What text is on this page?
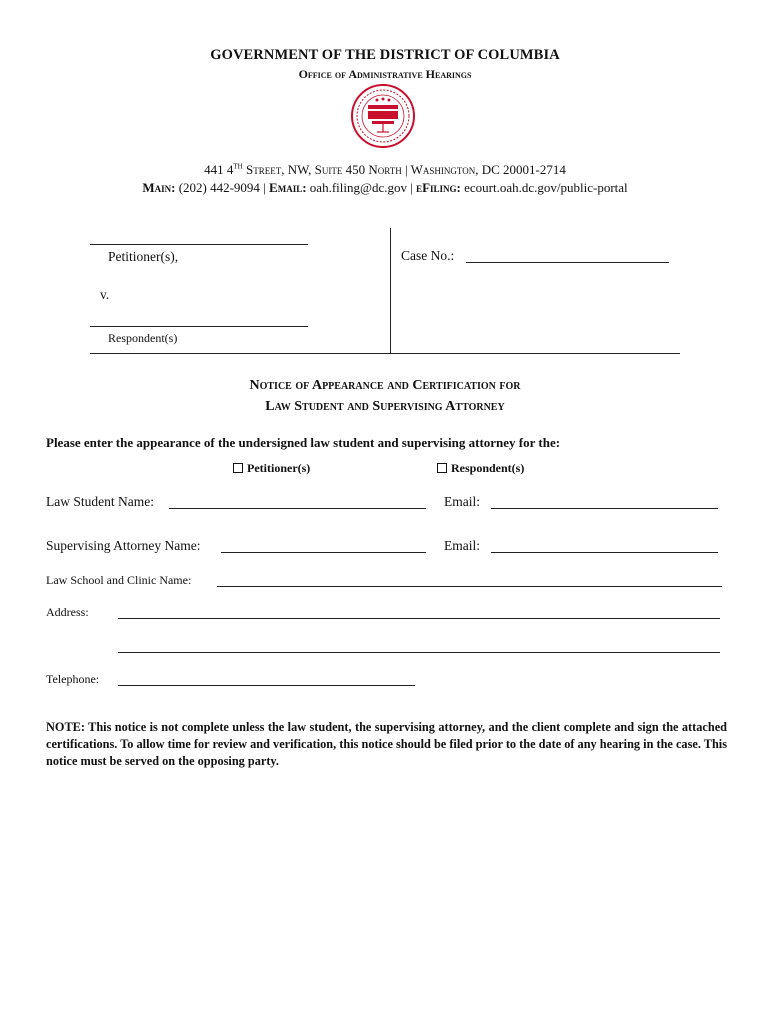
GOVERNMENT OF THE DISTRICT OF COLUMBIA
Office of Administrative Hearings
441 4TH Street, NW, Suite 450 North | Washington, DC 20001-2714
Main: (202) 442-9094 | Email: oah.filing@dc.gov | eFiling: ecourt.oah.dc.gov/public-portal
Petitioner(s),
v.
Respondent(s)
Case No.:
Notice of Appearance and Certification for
Law Student and Supervising Attorney
Please enter the appearance of the undersigned law student and supervising attorney for the:
Petitioner(s)	Respondent(s)
Law Student Name:	Email:
Supervising Attorney Name:	Email:
Law School and Clinic Name:
Address:
Telephone:
NOTE: This notice is not complete unless the law student, the supervising attorney, and the client complete and sign the attached certifications. To allow time for review and verification, this notice should be filed prior to the date of any hearing in the case. This notice must be served on the opposing party.
